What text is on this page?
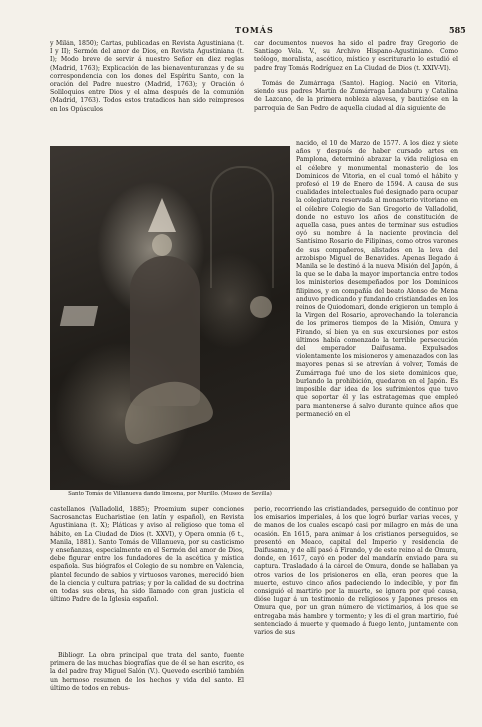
TOMÁS	585

y Milán, 1850); Cartas, publicadas en Revista Agustiniana (t. I y II); Sermón del amor de Dios, en Revista Agustiniana (t. I); Modo breve de servir á nuestro Señor en diez reglas (Madrid, 1763); Explicación de las bienaventuranzas y de su correspondencia con los dones del Espíritu Santo, con la oración del Padre nuestro (Madrid, 1763); y Oración ó Soliloquios entre Dios y el alma después de la comunión (Madrid, 1763). Todos estos tratadicos han sido reimpresos en los Opúsculos

car documentos nuevos ha sido el padre fray Gregorio de Santiago Vela. V., su Archivo Hispano-Agustiniano. Como teólogo, moralista, ascético, místico y escriturario lo estudió el padre fray Tomás Rodríguez en La Ciudad de Dios (t. XXIV-VI).

Tomás de Zumárraga (Santo). Hagiog. Nació en Vitoria, siendo sus padres Martín de Zumárraga Landaburu y Catalina de Lazcano, de la primera nobleza alavesa, y bautizóse en la parroquia de San Pedro de aquella ciudad al día siguiente de

nacido, el 10 de Marzo de 1577. A los diez y siete años y después de haber cursado artes en Pamplona, determinó abrazar la vida religiosa en el célebre y monumental monasterio de los Dominicos de Vitoria, en el cual tomó el hábito y profesó el 19 de Enero de 1594. A causa de sus cualidades intelectuales fué designado para ocupar la colegiatura reservada al monasterio vitoriano en el célebre Colegio de San Gregorio de Valladolid, donde no estuvo los años de constitución de aquella casa, pues antes de terminar sus estudios oyó su nombre á la naciente provincia del Santísimo Rosario de Filipinas, como otros varones de sus compañeros, alistados en la leva del arzobispo Miguel de Benavides. Apenas llegado á Manila se le destinó á la nueva Misión del Japón, á la que se le daba la mayor importancia entre todos los ministerios desempeñados por los Dominicos filipinos, y en compañía del beato Alonso de Mena anduvo predicando y fundando cristiandades en los reinos de Quiodomari, donde erigieron un templo á la Virgen del Rosario, aprovechando la tolerancia de los primeros tiempos de la Misión, Omura y Firando, sí bien ya en sus excursiones por estos últimos había comenzado la terrible persecución del emperador Daifusama. Expulsados violentamente los misioneros y amenazados con las mayores penas si se atrevían á volver, Tomás de Zumárraga fué uno de los siete dominicos que, burlando la prohibición, quedaron en el Japón. Es imposible dar idea de los sufrimientos que tuvo que soportar él y las estratagemas que empleó para mantenerse á salvo durante quince años que permaneció en el

Santo Tomás de Villanueva dando limosna, por Murillo. (Museo de Sevilla)

castellanos (Valladolid, 1885); Proemium super conciones Sacrosanctas Eucharistiae (en latín y español), en Revista Agustiniana (t. X); Pláticas y aviso al religioso que toma el hábito, en La Ciudad de Dios (t. XXVI), y Opera omnia (6 t., Manila, 1881). Santo Tomás de Villanueva, por su casticismo y enseñanzas, especialmente en el Sermón del amor de Dios, debe figurar entre los fundadores de la ascética y mística española. Sus biógrafos el Colegio de su nombre en Valencia, plantel fecundo de sabios y virtuosos varones, merecidó bien de la ciencia y cultura patrias; y por la calidad de su doctrina en todas sus obras, ha sido llamado con gran justicia el último Padre de la Iglesia español.

Bibliogr. La obra principal que trata del santo, fuente primera de las muchas biografías que de él se han escrito, es la del padre fray Miguel Salón (V.). Quevedo escribió también un hermoso resumen de los hechos y vida del santo. El último de todos en rebus-

perio, recorriendo las cristiandades, perseguido de continuo por los emisarios imperiales, á los que logró burlar varias veces, y de manos de los cuales escapó casi por milagro en más de una ocasión. En 1615, para animar á los cristianos perseguidos, se presentó en Meaco, capital del Imperio y residencia de Daifusama, y de allí pasó á Firando, y de este reino al de Omura, donde, en 1617, cayó en poder del mandarín enviado para su captura. Trasladado á la cárcel de Omura, donde se hallaban ya otros varios de los prisioneros en ella, eran peores que la muerte, estuvo cinco años padeciendo lo indecible, y por fin consiguió el martirio por la muerte, se ignora por qué causa, dióse lugar á un testimonio de religiosos y Japones presos en Omura que, por un gran número de victimarios, á los que se entregaba más hambre y tormento; y les di el gran martirio, fué sentenciado á muerte y quemado á fuego lento, juntamente con varios de sus
